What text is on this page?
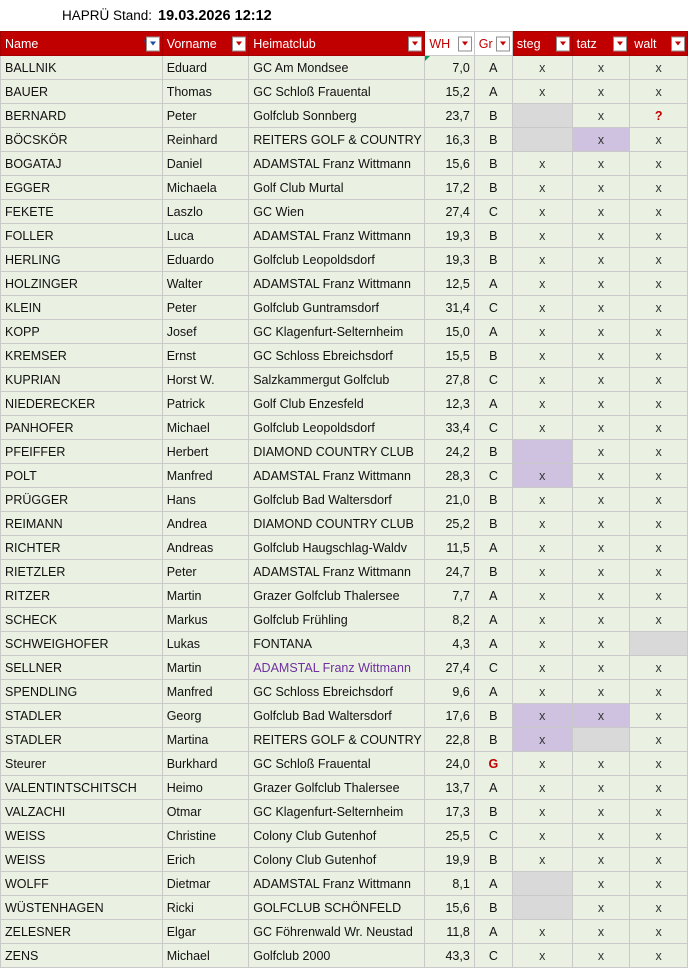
HAPRÜ Stand: 19.03.2026 12:12
Name ↑	Vorname	Heimatclub	WH	Gr	steg	tatz	walt

BALLNIK	Eduard	GC Am Mondsee	7,0	A	x	x	x
BAUER	Thomas	GC Schloß Frauental	15,2	A	x	x	x
BERNARD	Peter	Golfclub Sonnberg	23,7	B		x	?
BÖCSKÖR	Reinhard	REITERS GOLF & COUNTRY	16,3	B		x	x
BOGATAJ	Daniel	ADAMSTAL Franz Wittmann	15,6	B	x	x	x
EGGER	Michaela	Golf Club Murtal	17,2	B	x	x	x
FEKETE	Laszlo	GC Wien	27,4	C	x	x	x
FOLLER	Luca	ADAMSTAL Franz Wittmann	19,3	B	x	x	x
HERLING	Eduardo	Golfclub Leopoldsdorf	19,3	B	x	x	x
HOLZINGER	Walter	ADAMSTAL Franz Wittmann	12,5	A	x	x	x
KLEIN	Peter	Golfclub Guntramsdorf	31,4	C	x	x	x
KOPP	Josef	GC Klagenfurt-Selternheim	15,0	A	x	x	x
KREMSER	Ernst	GC Schloss Ebreichsdorf	15,5	B	x	x	x
KUPRIAN	Horst W.	Salzkammergut Golfclub	27,8	C	x	x	x
NIEDERECKER	Patrick	Golf Club Enzesfeld	12,3	A	x	x	x
PANHOFER	Michael	Golfclub Leopoldsdorf	33,4	C	x	x	x
PFEIFFER	Herbert	DIAMOND COUNTRY CLUB	24,2	B		x	x
POLT	Manfred	ADAMSTAL Franz Wittmann	28,3	C	x	x	x
PRÜGGER	Hans	Golfclub Bad Waltersdorf	21,0	B	x	x	x
REIMANN	Andrea	DIAMOND COUNTRY CLUB	25,2	B	x	x	x
RICHTER	Andreas	Golfclub Haugschlag-Waldv	11,5	A	x	x	x
RIETZLER	Peter	ADAMSTAL Franz Wittmann	24,7	B	x	x	x
RITZER	Martin	Grazer Golfclub Thalersee	7,7	A	x	x	x
SCHECK	Markus	Golfclub Frühling	8,2	A	x	x	x
SCHWEIGHOFER	Lukas	FONTANA	4,3	A	x	x	
SELLNER	Martin	ADAMSTAL Franz Wittmann	27,4	C	x	x	x
SPENDLING	Manfred	GC Schloss Ebreichsdorf	9,6	A	x	x	x
STADLER	Georg	Golfclub Bad Waltersdorf	17,6	B	x	x	x
STADLER	Martina	REITERS GOLF & COUNTRY	22,8	B	x		x
Steurer	Burkhard	GC Schloß Frauental	24,0	G	x	x	x
VALENTINTSCHITSCH	Heimo	Grazer Golfclub Thalersee	13,7	A	x	x	x
VALZACHI	Otmar	GC Klagenfurt-Selternheim	17,3	B	x	x	x
WEISS	Christine	Colony Club Gutenhof	25,5	C	x	x	x
WEISS	Erich	Colony Club Gutenhof	19,9	B	x	x	x
WOLFF	Dietmar	ADAMSTAL Franz Wittmann	8,1	A		x	x
WÜSTENHAGEN	Ricki	GOLFCLUB SCHÖNFELD	15,6	B		x	x
ZELESNER	Elgar	GC Föhrenwald Wr. Neustad	11,8	A	x	x	x
ZENS	Michael	Golfclub 2000	43,3	C	x	x	x
